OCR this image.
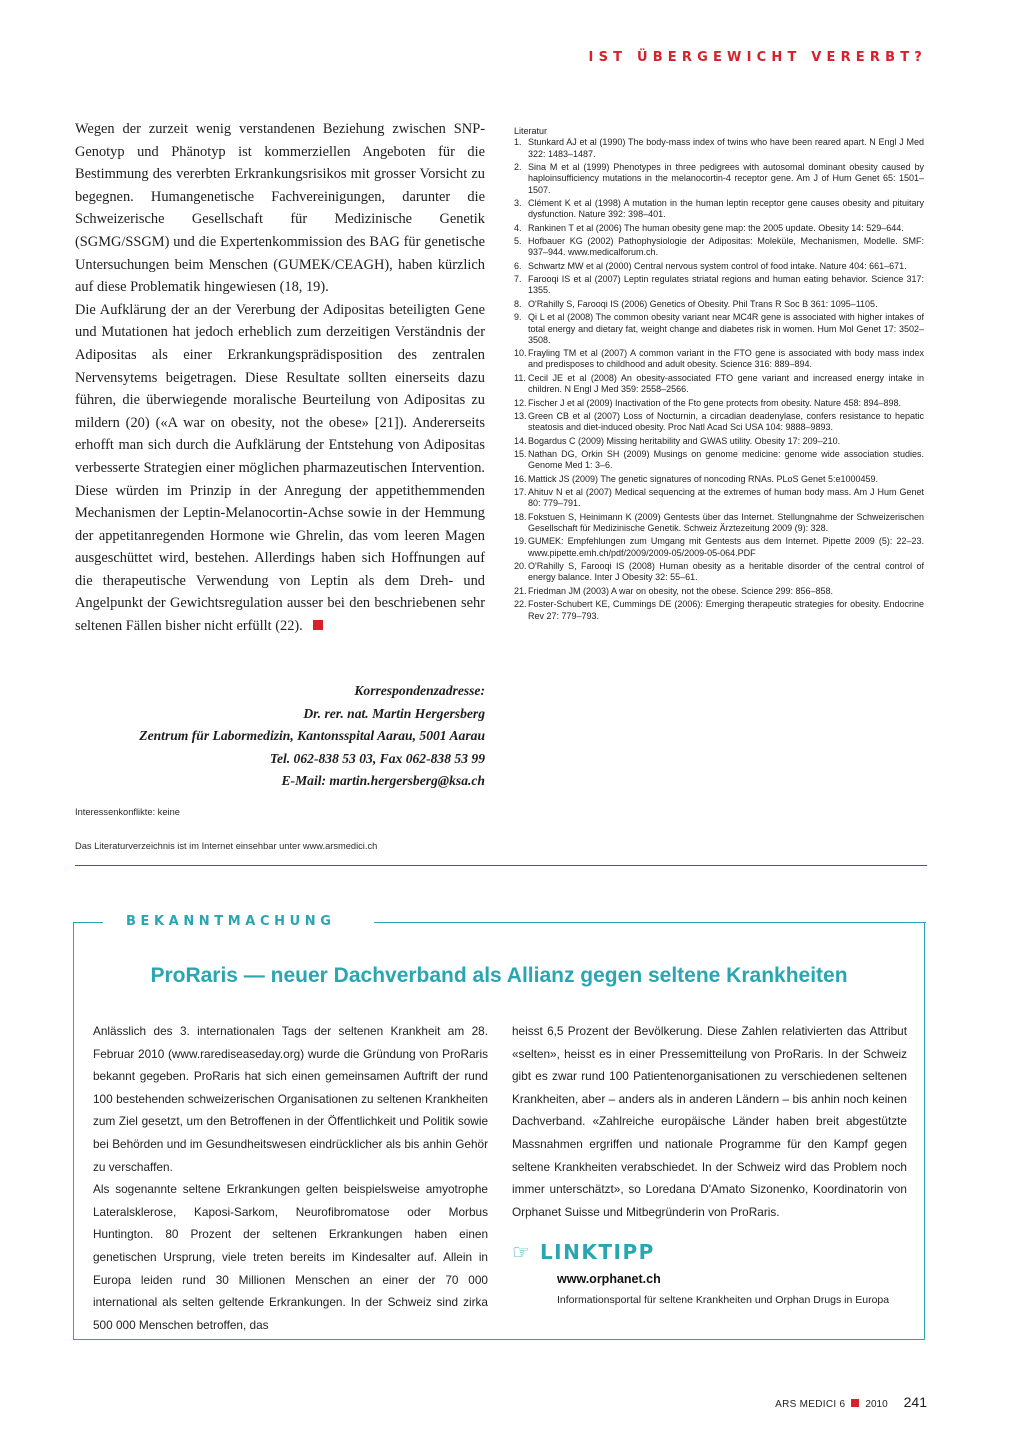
IST ÜBERGEWICHT VERERBT?

Wegen der zurzeit wenig verstandenen Beziehung zwischen SNP-Genotyp und Phänotyp ist kommerziellen Angeboten für die Bestimmung des vererbten Erkrankungsrisikos mit grosser Vorsicht zu begegnen. Humangenetische Fachvereinigungen, darunter die Schweizerische Gesellschaft für Medizinische Genetik (SGMG/SSGM) und die Expertenkommission des BAG für genetische Untersuchungen beim Menschen (GUMEK/CEAGH), haben kürzlich auf diese Problematik hingewiesen (18, 19).

Die Aufklärung der an der Vererbung der Adipositas beteiligten Gene und Mutationen hat jedoch erheblich zum derzeitigen Verständnis der Adipositas als einer Erkrankungsprädisposition des zentralen Nervensytems beigetragen. Diese Resultate sollten einerseits dazu führen, die überwiegende moralische Beurteilung von Adipositas zu mildern (20) («A war on obesity, not the obese» [21]). Andererseits erhofft man sich durch die Aufklärung der Entstehung von Adipositas verbesserte Strategien einer möglichen pharmazeutischen Intervention. Diese würden im Prinzip in der Anregung der appetithemmenden Mechanismen der Leptin-Melanocortin-Achse sowie in der Hemmung der appetitanregenden Hormone wie Ghrelin, das vom leeren Magen ausgeschüttet wird, bestehen. Allerdings haben sich Hoffnungen auf die therapeutische Verwendung von Leptin als dem Dreh- und Angelpunkt der Gewichtsregulation ausser bei den beschriebenen sehr seltenen Fällen bisher nicht erfüllt (22).

Korrespondenzadresse:
Dr. rer. nat. Martin Hergersberg
Zentrum für Labormedizin, Kantonsspital Aarau, 5001 Aarau
Tel. 062-838 53 03, Fax 062-838 53 99
E-Mail: martin.hergersberg@ksa.ch
Interessenkonflikte: keine
Das Literaturverzeichnis ist im Internet einsehbar unter www.arsmedici.ch
Literatur
1. Stunkard AJ et al (1990) The body-mass index of twins who have been reared apart. N Engl J Med 322: 1483–1487.
2. Sina M et al (1999) Phenotypes in three pedigrees with autosomal dominant obesity caused by haploinsufficiency mutations in the melanocortin-4 receptor gene. Am J of Hum Genet 65: 1501–1507.
3. Clément K et al (1998) A mutation in the human leptin receptor gene causes obesity and pituitary dysfunction. Nature 392: 398–401.
4. Rankinen T et al (2006) The human obesity gene map: the 2005 update. Obesity 14: 529–644.
5. Hofbauer KG (2002) Pathophysiologie der Adipositas: Moleküle, Mechanismen, Modelle. SMF: 937–944. www.medicalforum.ch.
6. Schwartz MW et al (2000) Central nervous system control of food intake. Nature 404: 661–671.
7. Farooqi IS et al (2007) Leptin regulates striatal regions and human eating behavior. Science 317: 1355.
8. O'Rahilly S, Farooqi IS (2006) Genetics of Obesity. Phil Trans R Soc B 361: 1095–1105.
9. Qi L et al (2008) The common obesity variant near MC4R gene is associated with higher intakes of total energy and dietary fat, weight change and diabetes risk in women. Hum Mol Genet 17: 3502–3508.
10. Frayling TM et al (2007) A common variant in the FTO gene is associated with body mass index and predisposes to childhood and adult obesity. Science 316: 889–894.
11. Cecil JE et al (2008) An obesity-associated FTO gene variant and increased energy intake in children. N Engl J Med 359: 2558–2566.
12. Fischer J et al (2009) Inactivation of the Fto gene protects from obesity. Nature 458: 894–898.
13. Green CB et al (2007) Loss of Nocturnin, a circadian deadenylase, confers resistance to hepatic steatosis and diet-induced obesity. Proc Natl Acad Sci USA 104: 9888–9893.
14. Bogardus C (2009) Missing heritability and GWAS utility. Obesity 17: 209–210.
15. Nathan DG, Orkin SH (2009) Musings on genome medicine: genome wide association studies. Genome Med 1: 3–6.
16. Mattick JS (2009) The genetic signatures of noncoding RNAs. PLoS Genet 5:e1000459.
17. Ahituv N et al (2007) Medical sequencing at the extremes of human body mass. Am J Hum Genet 80: 779–791.
18. Fokstuen S, Heinimann K (2009) Gentests über das Internet. Stellungnahme der Schweizerischen Gesellschaft für Medizinische Genetik. Schweiz Ärztezeitung 2009 (9): 328.
19. GUMEK: Empfehlungen zum Umgang mit Gentests aus dem Internet. Pipette 2009 (5): 22–23. www.pipette.emh.ch/pdf/2009/2009-05/2009-05-064.PDF
20. O'Rahilly S, Farooqi IS (2008) Human obesity as a heritable disorder of the central control of energy balance. Inter J Obesity 32: 55–61.
21. Friedman JM (2003) A war on obesity, not the obese. Science 299: 856–858.
22. Foster-Schubert KE, Cummings DE (2006): Emerging therapeutic strategies for obesity. Endocrine Rev 27: 779–793.
BEKANNTMACHUNG
ProRaris — neuer Dachverband als Allianz gegen seltene Krankheiten

Anlässlich des 3. internationalen Tags der seltenen Krankheit am 28. Februar 2010 (www.rarediseaseday.org) wurde die Gründung von ProRaris bekannt gegeben. ProRaris hat sich einen gemeinsamen Auftrift der rund 100 bestehenden schweizerischen Organisationen zu seltenen Krankheiten zum Ziel gesetzt, um den Betroffenen in der Öffentlichkeit und Politik sowie bei Behörden und im Gesundheitswesen eindrücklicher als bis anhin Gehör zu verschaffen.

Als sogenannte seltene Erkrankungen gelten beispielsweise amyotrophe Lateralsklerose, Kaposi-Sarkom, Neurofibromatose oder Morbus Huntington. 80 Prozent der seltenen Erkrankungen haben einen genetischen Ursprung, viele treten bereits im Kindesalter auf. Allein in Europa leiden rund 30 Millionen Menschen an einer der 70 000 international als selten geltende Erkrankungen. In der Schweiz sind zirka 500 000 Menschen betroffen, das

heisst 6,5 Prozent der Bevölkerung. Diese Zahlen relativierten das Attribut «selten», heisst es in einer Pressemitteilung von ProRaris. In der Schweiz gibt es zwar rund 100 Patientenorganisationen zu verschiedenen seltenen Krankheiten, aber – anders als in anderen Ländern – bis anhin noch keinen Dachverband. «Zahlreiche europäische Länder haben breit abgestützte Massnahmen ergriffen und nationale Programme für den Kampf gegen seltene Krankheiten verabschiedet. In der Schweiz wird das Problem noch immer unterschätzt», so Loredana D'Amato Sizonenko, Koordinatorin von Orphanet Suisse und Mitbegründerin von ProRaris.

☞ LINKTIPP
www.orphanet.ch
Informationsportal für seltene Krankheiten und Orphan Drugs in Europa
ARS MEDICI 6 2010 241
